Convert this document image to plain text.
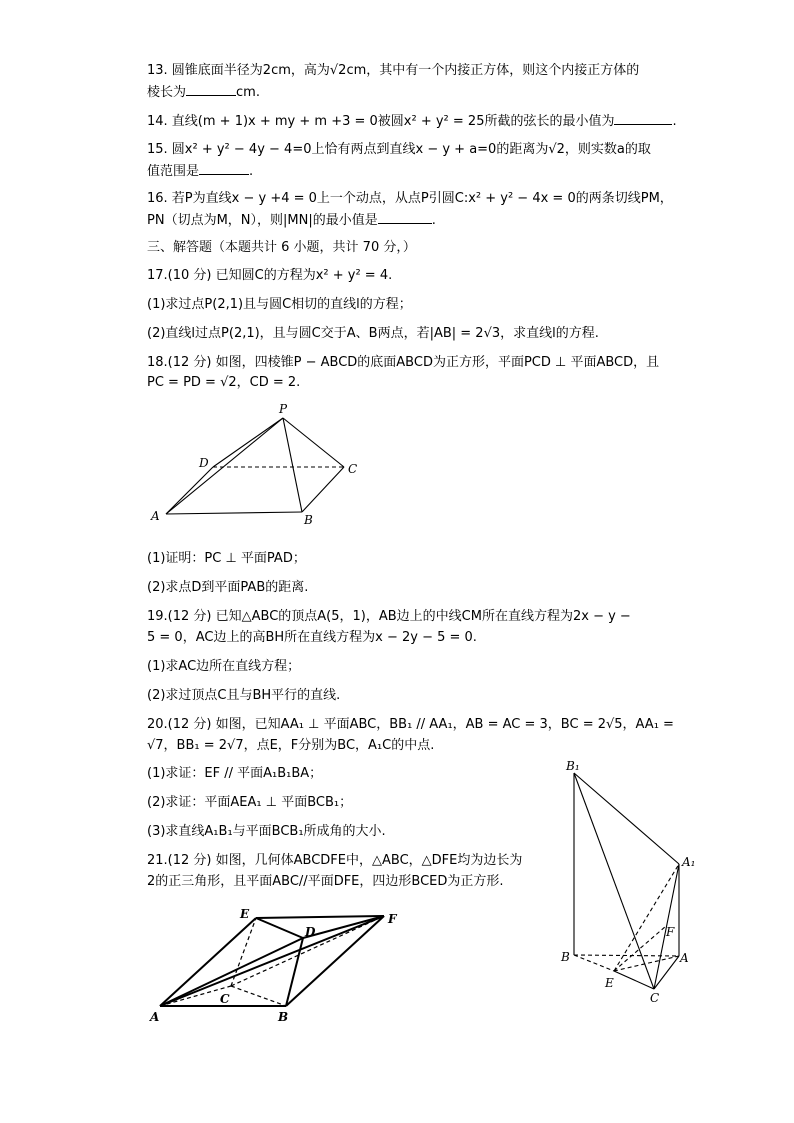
13. 圆锥底面半径为2cm，高为√2cm，其中有一个内接正方体，则这个内接正方体的
棱长为	cm.
14. 直线(m + 1)x + my + m +3 = 0被圆x² + y² = 25所截的弦长的最小值为	.
15. 圆x² + y² − 4y − 4=0上恰有两点到直线x − y + a=0的距离为√2，则实数a的取
值范围是	.
16. 若P为直线x − y +4 = 0上一个动点，从点P引圆C:x² + y² − 4x = 0的两条切线PM，
PN（切点为M，N），则|MN|的最小值是	.
三、解答题（本题共计 6 小题，共计 70 分，）
17.(10 分) 已知圆C的方程为x² + y² = 4.
(1)求过点P(2,1)且与圆C相切的直线l的方程；
(2)直线l过点P(2,1)，且与圆C交于A、B两点，若|AB| = 2√3，求直线l的方程.
18.(12 分) 如图，四棱锥P − ABCD的底面ABCD为正方形，平面PCD ⊥ 平面ABCD，且
PC = PD = √2，CD = 2.
P
D	C
A	B
(1)证明：PC ⊥ 平面PAD；
(2)求点D到平面PAB的距离.
19.(12 分) 已知△ABC的顶点A(5，1)，AB边上的中线CM所在直线方程为2x − y −
5 = 0，AC边上的高BH所在直线方程为x − 2y − 5 = 0.
(1)求AC边所在直线方程；
(2)求过顶点C且与BH平行的直线.
20.(12 分) 如图，已知AA₁ ⊥ 平面ABC，BB₁ // AA₁，AB = AC = 3，BC = 2√5，AA₁ =
√7，BB₁ = 2√7，点E，F分别为BC，A₁C的中点.
(1)求证：EF // 平面A₁B₁BA；
(2)求证：平面AEA₁ ⊥ 平面BCB₁；
(3)求直线A₁B₁与平面BCB₁所成角的大小.
21.(12 分) 如图，几何体ABCDFE中，△ABC，△DFE均为边长为
2的正三角形，且平面ABC//平面DFE，四边形BCED为正方形.
B₁
A₁
F
B	A
E
C
E	F
D
C
A	B
